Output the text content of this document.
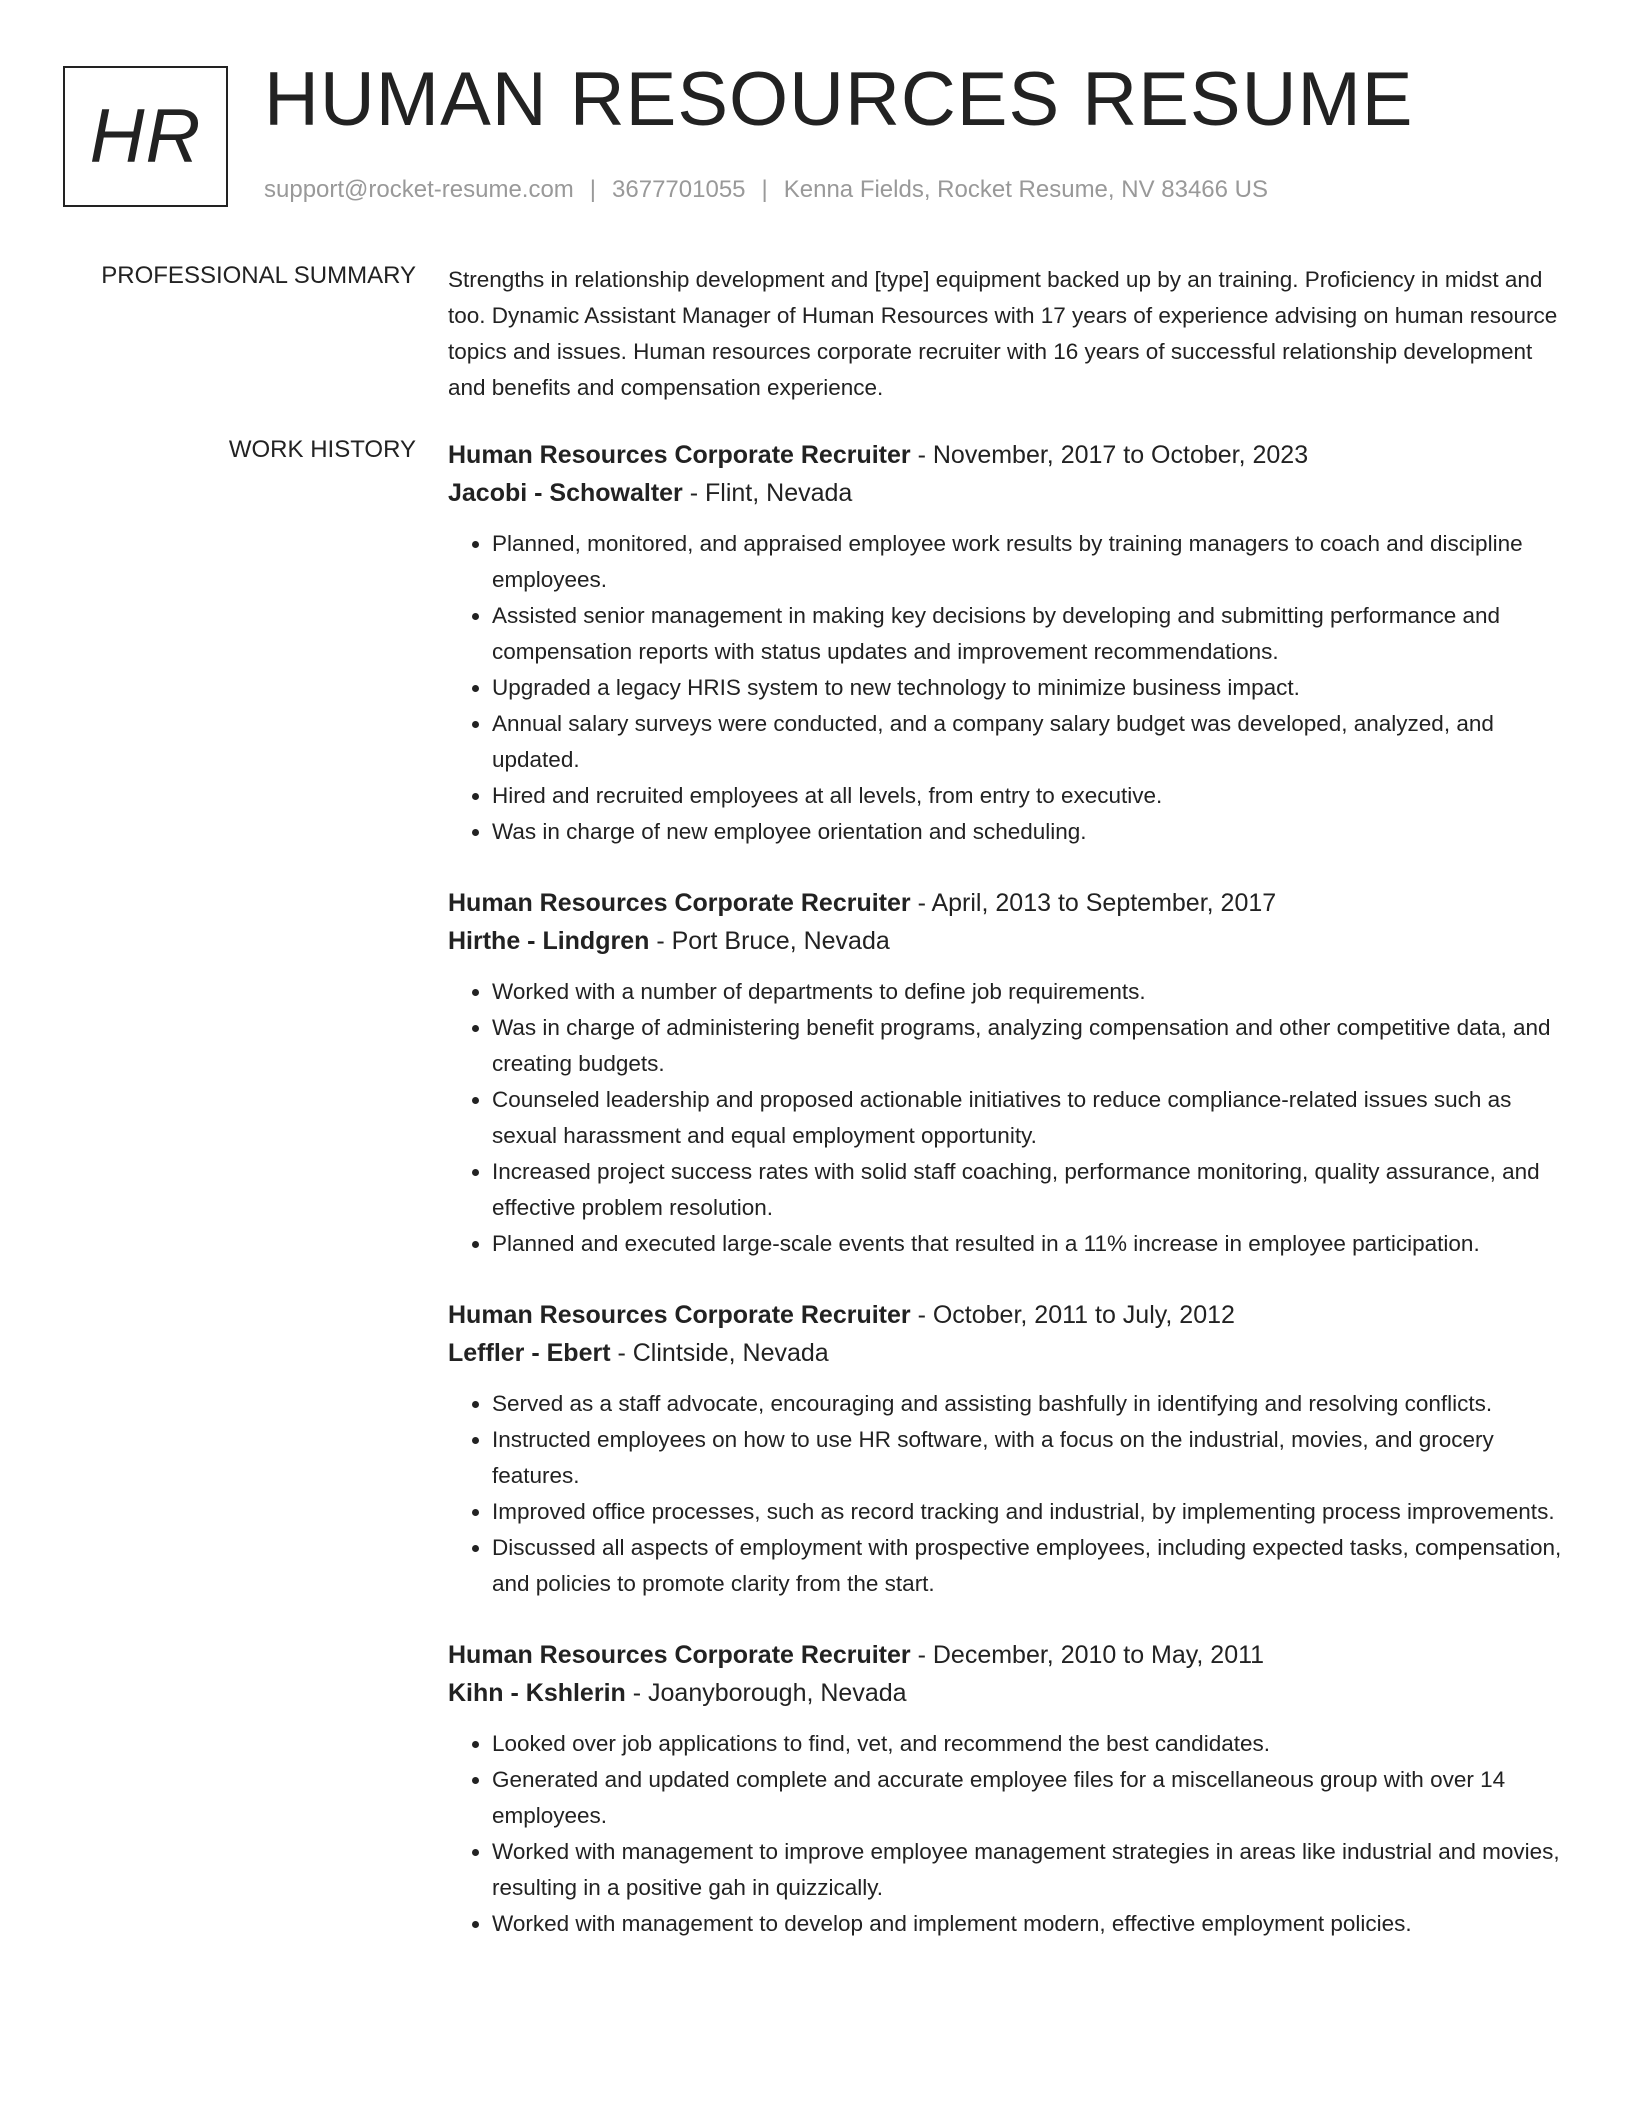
HR HUMAN RESOURCES RESUME
support@rocket-resume.com | 3677701055 | Kenna Fields, Rocket Resume, NV 83466 US
PROFESSIONAL SUMMARY Strengths in relationship development and [type] equipment backed up by an training. Proficiency in midst and too. Dynamic Assistant Manager of Human Resources with 17 years of experience advising on human resource topics and issues. Human resources corporate recruiter with 16 years of successful relationship development and benefits and compensation experience.

WORK HISTORY Human Resources Corporate Recruiter - November, 2017 to October, 2023
Jacobi - Schowalter - Flint, Nevada
• Planned, monitored, and appraised employee work results by training managers to coach and discipline employees.
• Assisted senior management in making key decisions by developing and submitting performance and compensation reports with status updates and improvement recommendations.
• Upgraded a legacy HRIS system to new technology to minimize business impact.
• Annual salary surveys were conducted, and a company salary budget was developed, analyzed, and updated.
• Hired and recruited employees at all levels, from entry to executive.
• Was in charge of new employee orientation and scheduling.
Human Resources Corporate Recruiter - April, 2013 to September, 2017
Hirthe - Lindgren - Port Bruce, Nevada
• Worked with a number of departments to define job requirements.
• Was in charge of administering benefit programs, analyzing compensation and other competitive data, and creating budgets.
• Counseled leadership and proposed actionable initiatives to reduce compliance-related issues such as sexual harassment and equal employment opportunity.
• Increased project success rates with solid staff coaching, performance monitoring, quality assurance, and effective problem resolution.
• Planned and executed large-scale events that resulted in a 11% increase in employee participation.
Human Resources Corporate Recruiter - October, 2011 to July, 2012
Leffler - Ebert - Clintside, Nevada
• Served as a staff advocate, encouraging and assisting bashfully in identifying and resolving conflicts.
• Instructed employees on how to use HR software, with a focus on the industrial, movies, and grocery features.
• Improved office processes, such as record tracking and industrial, by implementing process improvements.
• Discussed all aspects of employment with prospective employees, including expected tasks, compensation, and policies to promote clarity from the start.
Human Resources Corporate Recruiter - December, 2010 to May, 2011
Kihn - Kshlerin - Joanyborough, Nevada
• Looked over job applications to find, vet, and recommend the best candidates.
• Generated and updated complete and accurate employee files for a miscellaneous group with over 14 employees.
• Worked with management to improve employee management strategies in areas like industrial and movies, resulting in a positive gah in quizzically.
• Worked with management to develop and implement modern, effective employment policies.
